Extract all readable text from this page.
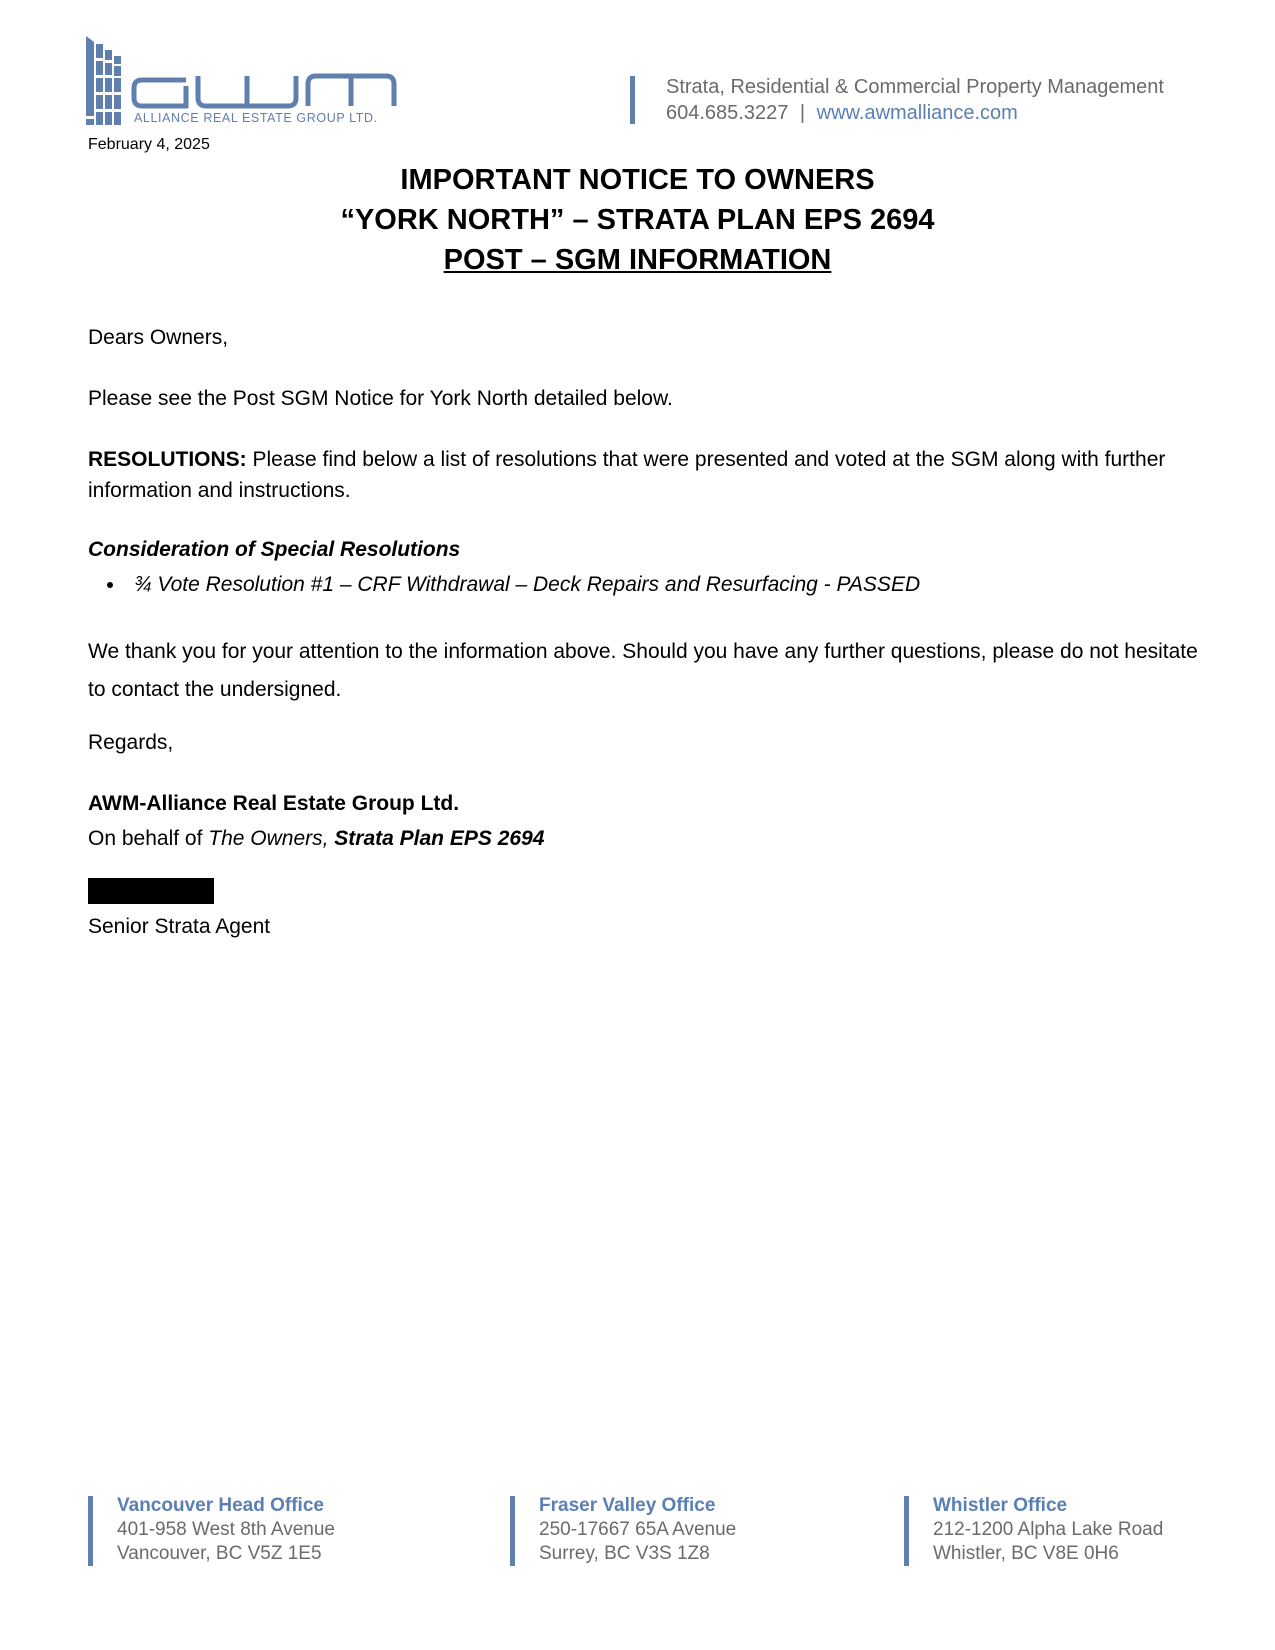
ALLIANCE REAL ESTATE GROUP LTD.
February 4, 2025
Strata, Residential & Commercial Property Management
604.685.3227 | www.awmalliance.com
IMPORTANT NOTICE TO OWNERS
“YORK NORTH” – STRATA PLAN EPS 2694
POST – SGM INFORMATION

Dears Owners,

Please see the Post SGM Notice for York North detailed below.

RESOLUTIONS: Please find below a list of resolutions that were presented and voted at the SGM along with further information and instructions.

Consideration of Special Resolutions

• ¾ Vote Resolution #1 – CRF Withdrawal – Deck Repairs and Resurfacing - PASSED

We thank you for your attention to the information above. Should you have any further questions, please do not hesitate to contact the undersigned.

Regards,

AWM-Alliance Real Estate Group Ltd.

On behalf of The Owners, Strata Plan EPS 2694

Senior Strata Agent

Vancouver Head Office
401-958 West 8th Avenue
Vancouver, BC V5Z 1E5
Fraser Valley Office
250-17667 65A Avenue
Surrey, BC V3S 1Z8
Whistler Office
212-1200 Alpha Lake Road
Whistler, BC V8E 0H6
